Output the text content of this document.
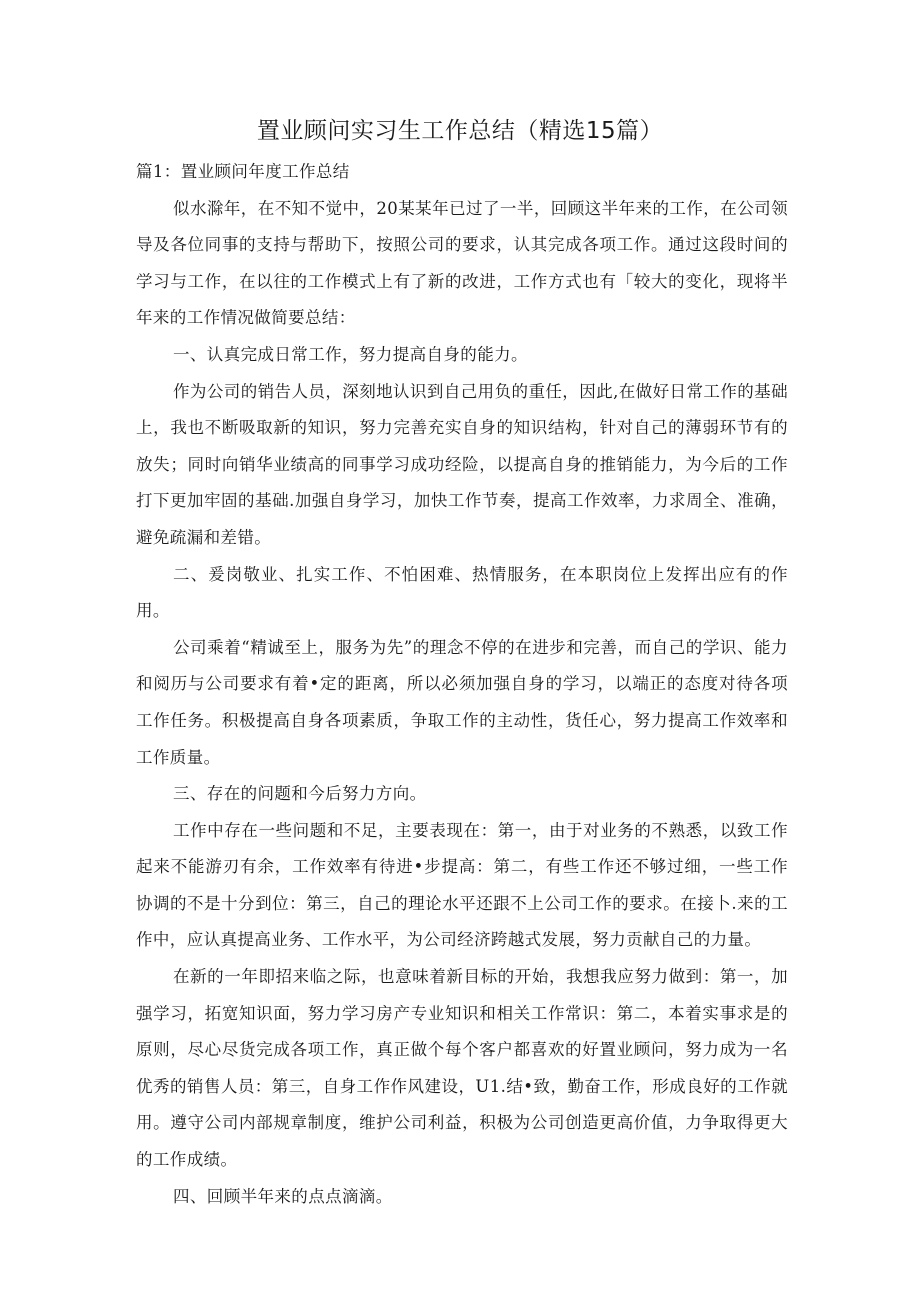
置业顾问实习生工作总结（精选15篇）

篇1：置业顾问年度工作总结

似水滁年，在不知不觉中，20某某年已过了一半，回顾这半年来的工作，在公司领导及各位同事的支持与帮助下，按照公司的要求，认其完成各项工作。通过这段时间的学习与工作，在以往的工作模式上有了新的改进，工作方式也有「较大的变化，现将半年来的工作情况做简要总结：

一、认真完成日常工作，努力提高自身的能力。

作为公司的销告人员，深刻地认识到自己用负的重任，因此,在做好日常工作的基础上，我也不断吸取新的知识，努力完善充实自身的知识结构，针对自己的薄弱环节有的放失；同时向销华业绩高的同事学习成功经险，以提高自身的推销能力，为今后的工作打下更加牢固的基础.加强自身学习，加快工作节奏，提高工作效率，力求周全、准确，避免疏漏和差错。

二、爰岗敬业、扎实工作、不怕困难、热情服务，在本职岗位上发挥出应有的作用。

公司乘着“精诚至上，服务为先”的理念不停的在进步和完善，而自己的学识、能力和阅历与公司要求有着•定的距离，所以必须加强自身的学习，以端正的态度对待各项工作任务。积极提高自身各项素质，争取工作的主动性，货任心，努力提高工作效率和工作质量。

三、存在的问题和今后努力方向。

工作中存在一些问题和不足，主要表现在：第一，由于对业务的不熟悉，以致工作起来不能游刃有余，工作效率有待进•步提高：第二，有些工作还不够过细，一些工作协调的不是十分到位：第三，自己的理论水平还跟不上公司工作的要求。在接卜.来的工作中，应认真提高业务、工作水平，为公司经济跨越式发展，努力贡献自己的力量。

在新的一年即招来临之际，也意味着新目标的开始，我想我应努力做到：第一，加强学习，拓宽知识面，努力学习房产专业知识和相关工作常识：第二，本着实事求是的原则，尽心尽货完成各项工作，真正做个每个客户都喜欢的好置业顾问，努力成为一名优秀的销售人员：第三，自身工作作风建设，U1.结•致，勤奋工作，形成良好的工作就用。遵守公司内部规章制度，维护公司利益，积极为公司创造更高价值，力争取得更大的工作成绩。

四、回顾半年来的点点滴滴。
